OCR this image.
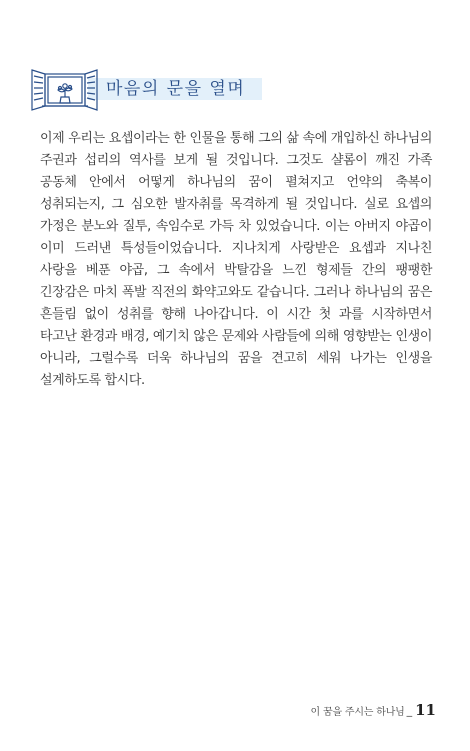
마음의 문을 열며

이제 우리는 요셉이라는 한 인물을 통해 그의 삶 속에 개입하신 하나님의 주권과 섭리의 역사를 보게 될 것입니다. 그것도 샬롬이 깨진 가족 공동체 안에서 어떻게 하나님의 꿈이 펼쳐지고 언약의 축복이 성취되는지, 그 심오한 발자취를 목격하게 될 것입니다. 실로 요셉의 가정은 분노와 질투, 속임수로 가득 차 있었습니다. 이는 아버지 야곱이 이미 드러낸 특성들이었습니다. 지나치게 사랑받은 요셉과 지나친 사랑을 베푼 야곱, 그 속에서 박탈감을 느낀 형제들 간의 팽팽한 긴장감은 마치 폭발 직전의 화약고와도 같습니다. 그러나 하나님의 꿈은 흔들림 없이 성취를 향해 나아갑니다. 이 시간 첫 과를 시작하면서 타고난 환경과 배경, 예기치 않은 문제와 사람들에 의해 영향받는 인생이 아니라, 그럴수록 더욱 하나님의 꿈을 견고히 세워 나가는 인생을 설계하도록 합시다.

이 꿈을 주시는 하나님 _ 11
